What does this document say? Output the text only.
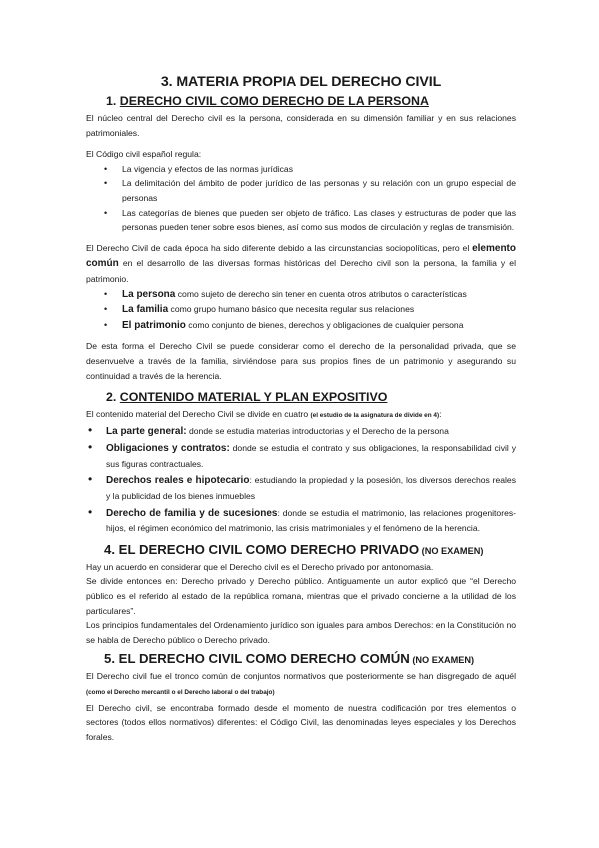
3. MATERIA PROPIA DEL DERECHO CIVIL
1. DERECHO CIVIL COMO DERECHO DE LA PERSONA

El núcleo central del Derecho civil es la persona, considerada en su dimensión familiar y en sus relaciones patrimoniales.

El Código civil español regula:

• La vigencia y efectos de las normas jurídicas
• La delimitación del ámbito de poder jurídico de las personas y su relación con un grupo especial de personas
• Las categorías de bienes que pueden ser objeto de tráfico. Las clases y estructuras de poder que las personas pueden tener sobre esos bienes, así como sus modos de circulación y reglas de transmisión.

El Derecho Civil de cada época ha sido diferente debido a las circunstancias sociopolíticas, pero el elemento común en el desarrollo de las diversas formas históricas del Derecho civil son la persona, la familia y el patrimonio.

• La persona como sujeto de derecho sin tener en cuenta otros atributos o características
• La familia como grupo humano básico que necesita regular sus relaciones
• El patrimonio como conjunto de bienes, derechos y obligaciones de cualquier persona

De esta forma el Derecho Civil se puede considerar como el derecho de la personalidad privada, que se desenvuelve a través de la familia, sirviéndose para sus propios fines de un patrimonio y asegurando su continuidad a través de la herencia.

2. CONTENIDO MATERIAL Y PLAN EXPOSITIVO

El contenido material del Derecho Civil se divide en cuatro (el estudio de la asignatura de divide en 4):

• La parte general: donde se estudia materias introductorias y el Derecho de la persona
• Obligaciones y contratos: donde se estudia el contrato y sus obligaciones, la responsabilidad civil y sus figuras contractuales.
• Derechos reales e hipotecario: estudiando la propiedad y la posesión, los diversos derechos reales y la publicidad de los bienes inmuebles
• Derecho de familia y de sucesiones: donde se estudia el matrimonio, las relaciones progenitores-hijos, el régimen económico del matrimonio, las crisis matrimoniales y el fenómeno de la herencia.
4. EL DERECHO CIVIL COMO DERECHO PRIVADO (NO EXAMEN)

Hay un acuerdo en considerar que el Derecho civil es el Derecho privado por antonomasia.

Se divide entonces en: Derecho privado y Derecho público. Antiguamente un autor explicó que “el Derecho público es el referido al estado de la república romana, mientras que el privado concierne a la utilidad de los particulares”.

Los principios fundamentales del Ordenamiento jurídico son iguales para ambos Derechos: en la Constitución no se habla de Derecho público o Derecho privado.

5. EL DERECHO CIVIL COMO DERECHO COMÚN (NO EXAMEN)

El Derecho civil fue el tronco común de conjuntos normativos que posteriormente se han disgregado de aquél (como el Derecho mercantil o el Derecho laboral o del trabajo)

El Derecho civil, se encontraba formado desde el momento de nuestra codificación por tres elementos o sectores (todos ellos normativos) diferentes: el Código Civil, las denominadas leyes especiales y los Derechos forales.
